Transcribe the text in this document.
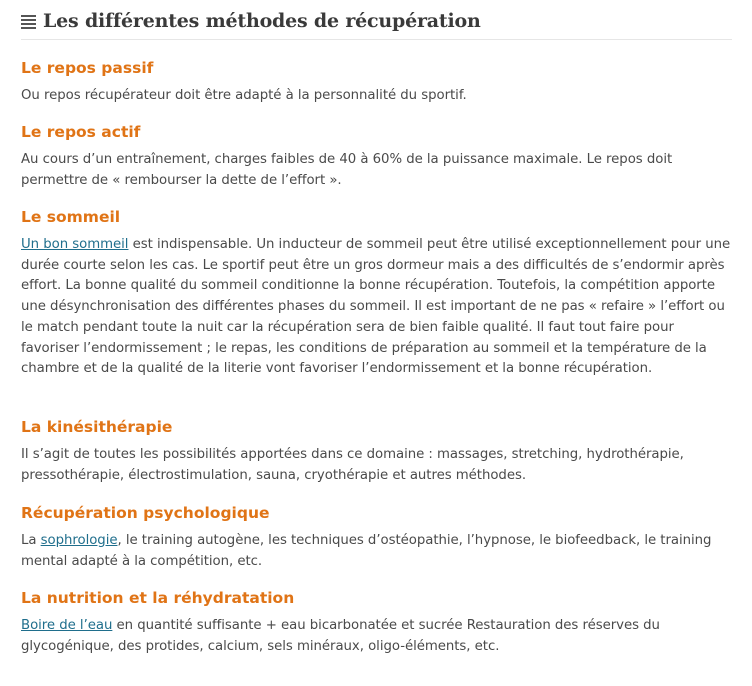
Les différentes méthodes de récupération
Le repos passif

Ou repos récupérateur doit être adapté à la personnalité du sportif.

Le repos actif

Au cours d’un entraînement, charges faibles de 40 à 60% de la puissance maximale. Le repos doit permettre de « rembourser la dette de l’effort ».

Le sommeil

Un bon sommeil est indispensable. Un inducteur de sommeil peut être utilisé exceptionnellement pour une durée courte selon les cas. Le sportif peut être un gros dormeur mais a des difficultés de s’endormir après effort. La bonne qualité du sommeil conditionne la bonne récupération. Toutefois, la compétition apporte une désynchronisation des différentes phases du sommeil. Il est important de ne pas « refaire » l’effort ou le match pendant toute la nuit car la récupération sera de bien faible qualité. Il faut tout faire pour favoriser l’endormissement ; le repas, les conditions de préparation au sommeil et la température de la chambre et de la qualité de la literie vont favoriser l’endormissement et la bonne récupération.

La kinésithérapie

Il s’agit de toutes les possibilités apportées dans ce domaine : massages, stretching, hydrothérapie, pressothérapie, électrostimulation, sauna, cryothérapie et autres méthodes.

Récupération psychologique

La sophrologie, le training autogène, les techniques d’ostéopathie, l’hypnose, le biofeedback, le training mental adapté à la compétition, etc.

La nutrition et la réhydratation

Boire de l’eau en quantité suffisante + eau bicarbonatée et sucrée Restauration des réserves du glycogénique, des protides, calcium, sels minéraux, oligo-éléments, etc.
